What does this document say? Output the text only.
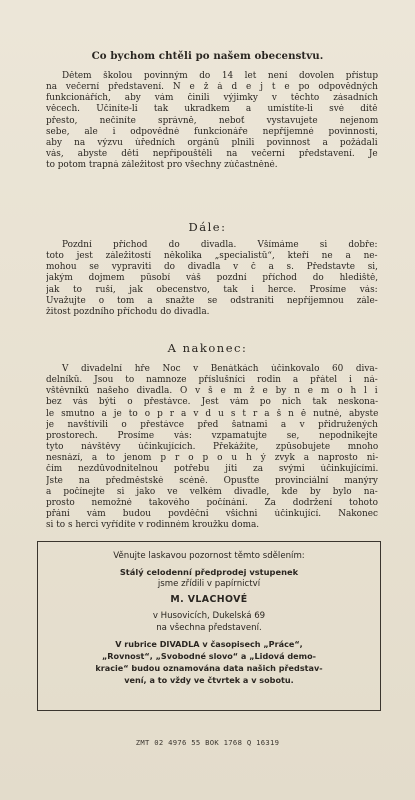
Co bychom chtěli po našem obecenstvu.
Dětem školou povinným do 14 let není dovolen přístup
na večerní představení. N e ž á d e j t e po odpovědných
funkcionářích, aby vám činili výjimky v těchto zásadních
věcech. Učiníte-li tak ukradkem a umístíte-li své dítě
přesto, nečiníte správně, neboť vystavujete nejenom
sebe, ale i odpovědné funkcionáře nepříjemné povinnosti,
aby na výzvu úředních orgánů plnili povinnost a požádali
vás, abyste děti nepřipouštěli na večerní představení. Je
to potom trapná záležitost pro všechny zúčastněné.
Dále:
Pozdní příchod do divadla. Všímáme si dobře:
toto jest záležitostí několika „specialistů“, kteří ne a ne-
mohou se vypraviti do divadla v č a s. Představte si,
jakým dojmem působí váš pozdní příchod do hlediště,
jak to ruší, jak obecenstvo, tak i herce. Prosíme vás:
Uvažujte o tom a snažte se odstraniti nepříjemnou zále-
žitost pozdního příchodu do divadla.
A nakonec:
V divadelní hře Noc v Benátkách účinkovalo 60 diva-
delníků. Jsou to namnoze příslušníci rodin a přátel i ná-
vštěvníků našeho divadla. O v š e m ž e by n e m o h l i
bez vás býti o přestávce. Jest vám po nich tak neskona-
le smutno a je to o p r a v d u s t r a š n ě nutné, abyste
je navštívili o přestávce před šatnami a v přidružených
prostorech. Prosíme vás: vzpamatujte se, nepodnikejte
tyto návštěvy účinkujících. Překážíte, způsobujete mnoho
nesnází, a to jenom p r o p o u h ý zvyk a naprosto ni-
čím nezdůvodnitelnou potřebu jíti za svými účinkujícími.
Jste na předměstské scéně. Opusťte provinciální manýry
a počínejte si jako ve velkém divadle, kde by bylo na-
prosto nemožné takového počínání. Za dodržení tohoto
přání vám budou povděčni všichni účinkující. Nakonec
si to s herci vyřídíte v rodinném kroužku doma.
Věnujte laskavou pozornost těmto sdělením:
Stálý celodenní předprodej vstupenek
jsme zřídili v papírnictví
M. VLACHOVÉ
v Husovicích, Dukelská 69
na všechna představení.
V rubrice DIVADLA v časopisech „Práce“,
„Rovnost“, „Svobodné slovo“ a „Lidová demo-
kracie“ budou oznamována data našich představ-
vení, a to vždy ve čtvrtek a v sobotu.
ZMT 02 4976 55 BOK 1768 Q 16319
